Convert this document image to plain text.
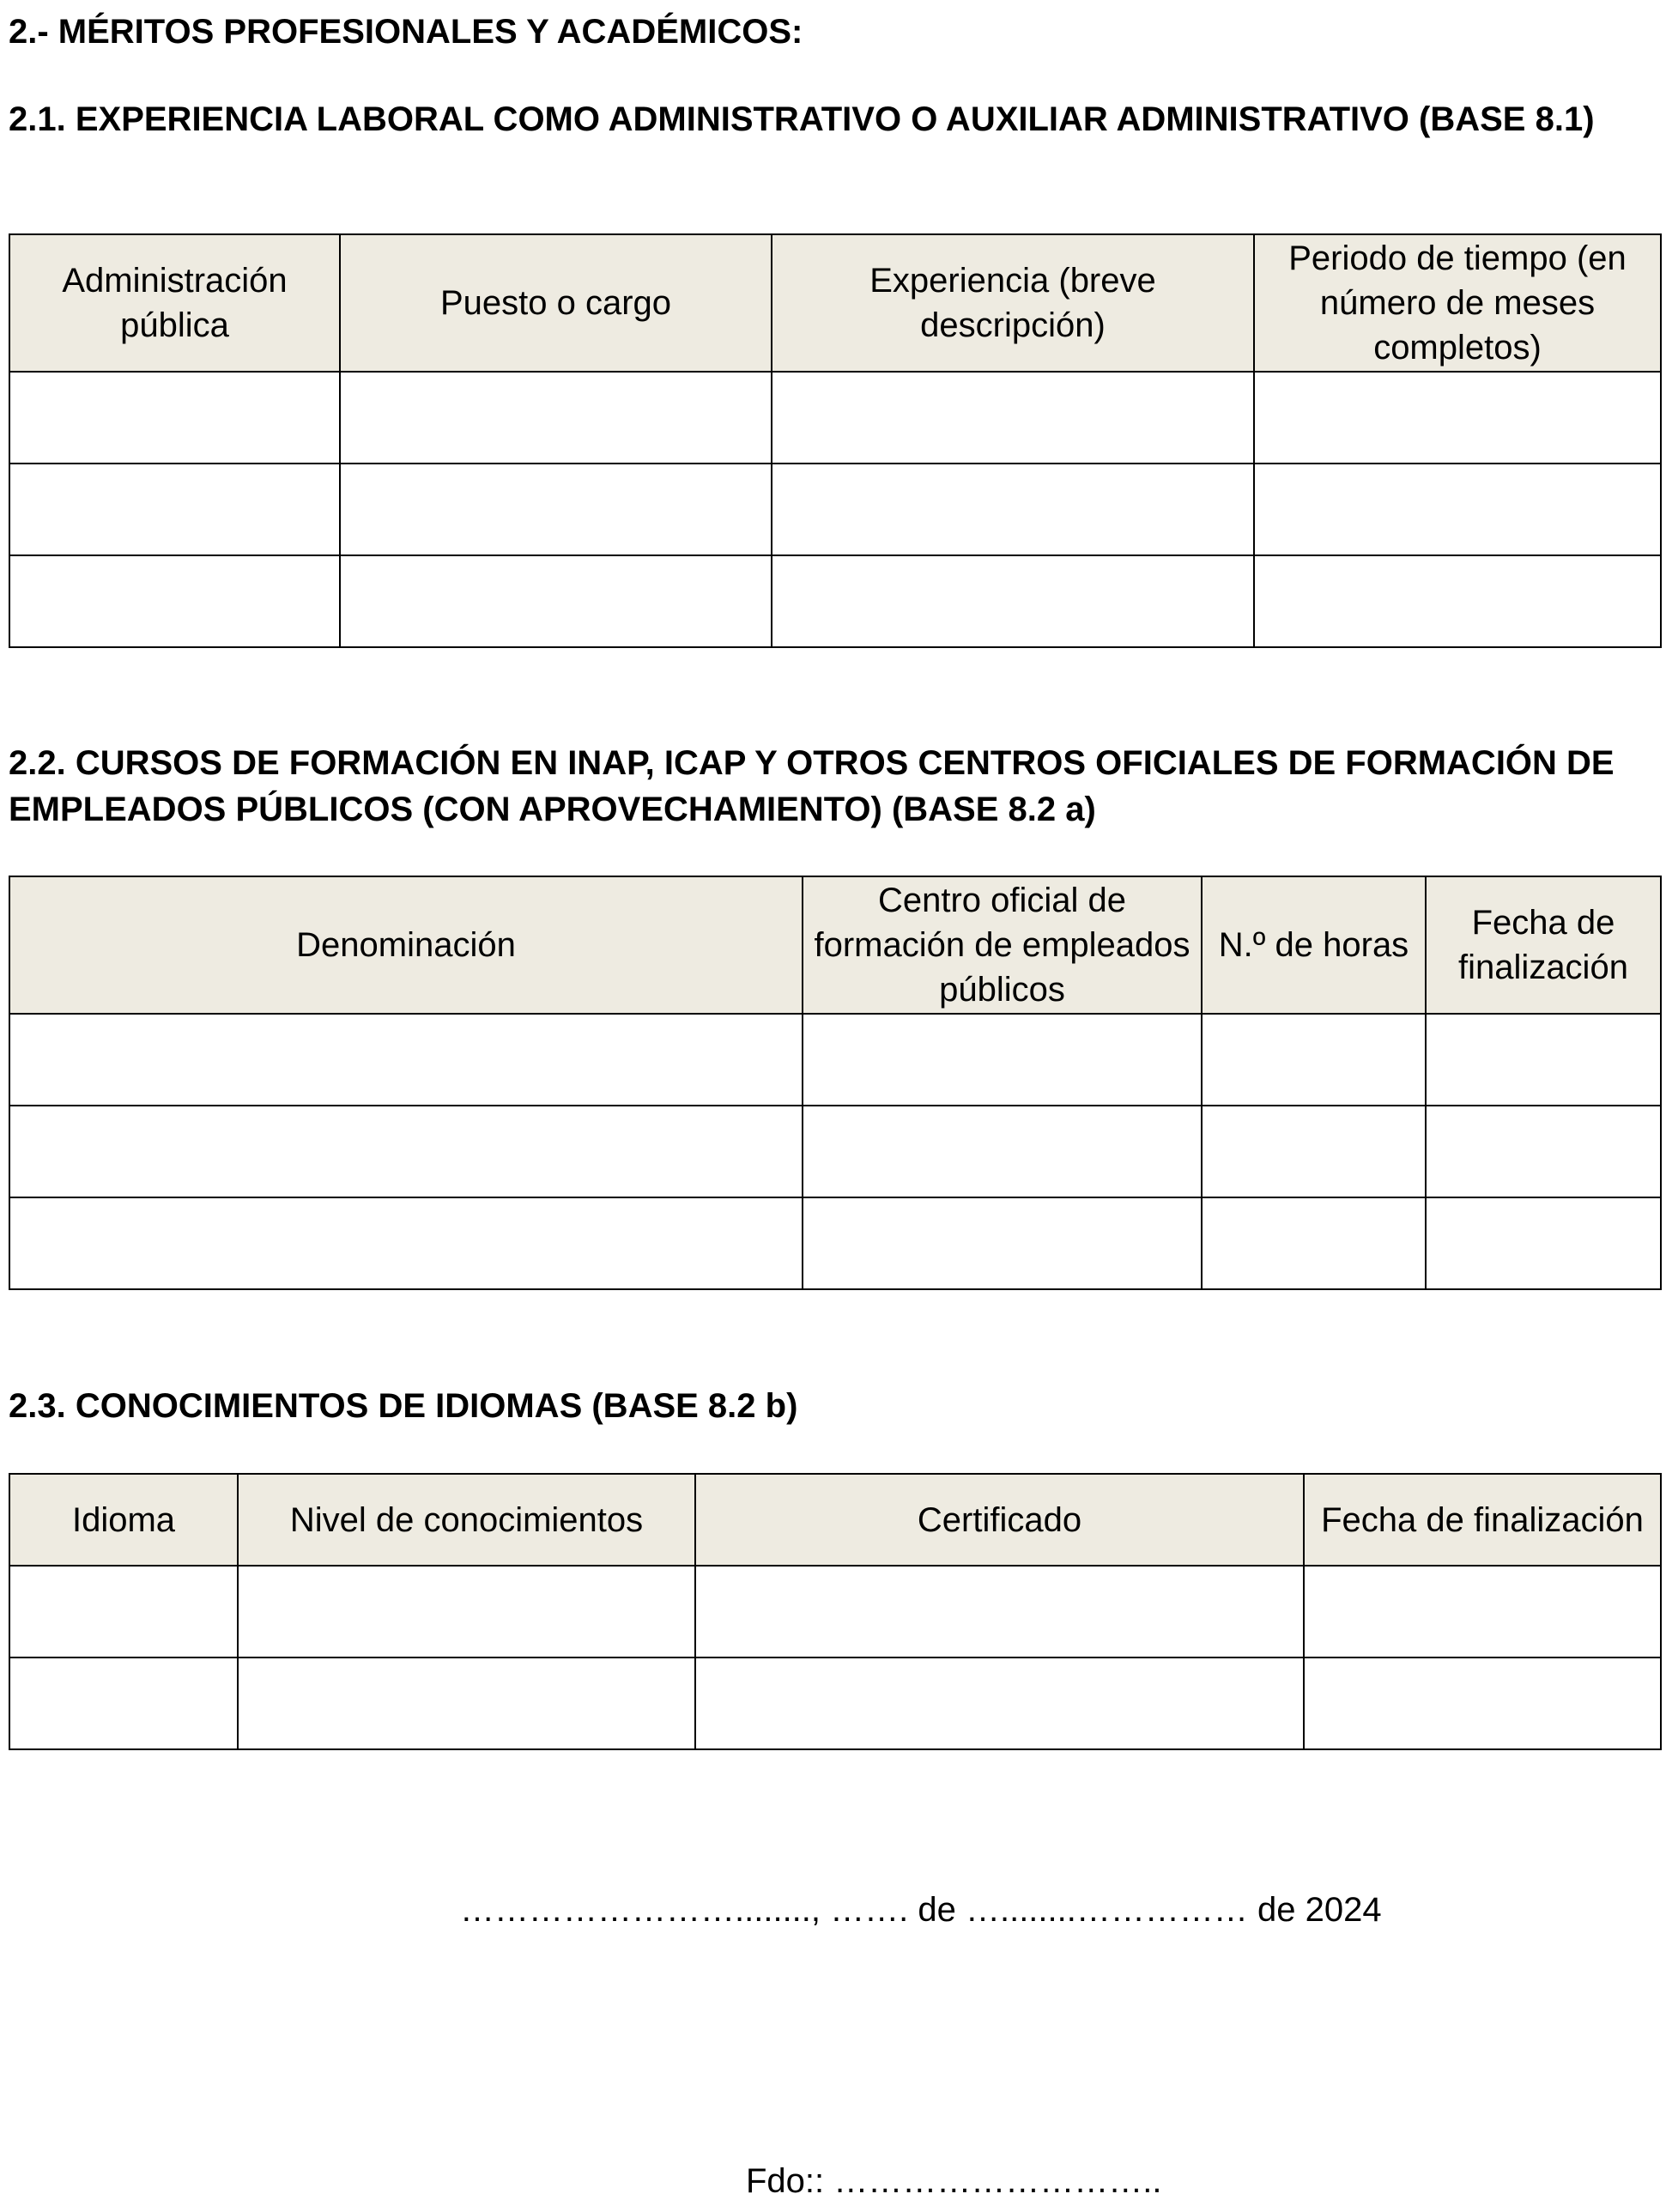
2.- MÉRITOS PROFESIONALES Y ACADÉMICOS:
2.1. EXPERIENCIA LABORAL COMO ADMINISTRATIVO O AUXILIAR ADMINISTRATIVO (BASE 8.1)
Administración pública	Puesto o cargo	Experiencia (breve descripción)	Periodo de tiempo (en número de meses completos)

2.2. CURSOS DE FORMACIÓN EN INAP, ICAP Y OTROS CENTROS OFICIALES DE FORMACIÓN DE EMPLEADOS PÚBLICOS (CON APROVECHAMIENTO) (BASE 8.2 a)
Denominación	Centro oficial de formación de empleados públicos	N.º de horas	Fecha de finalización

2.3. CONOCIMIENTOS DE IDIOMAS (BASE 8.2 b)
Idioma	Nivel de conocimientos	Certificado	Fecha de finalización

……………………........, ……. de …........…………… de 2024

Fdo:: ………………………..
